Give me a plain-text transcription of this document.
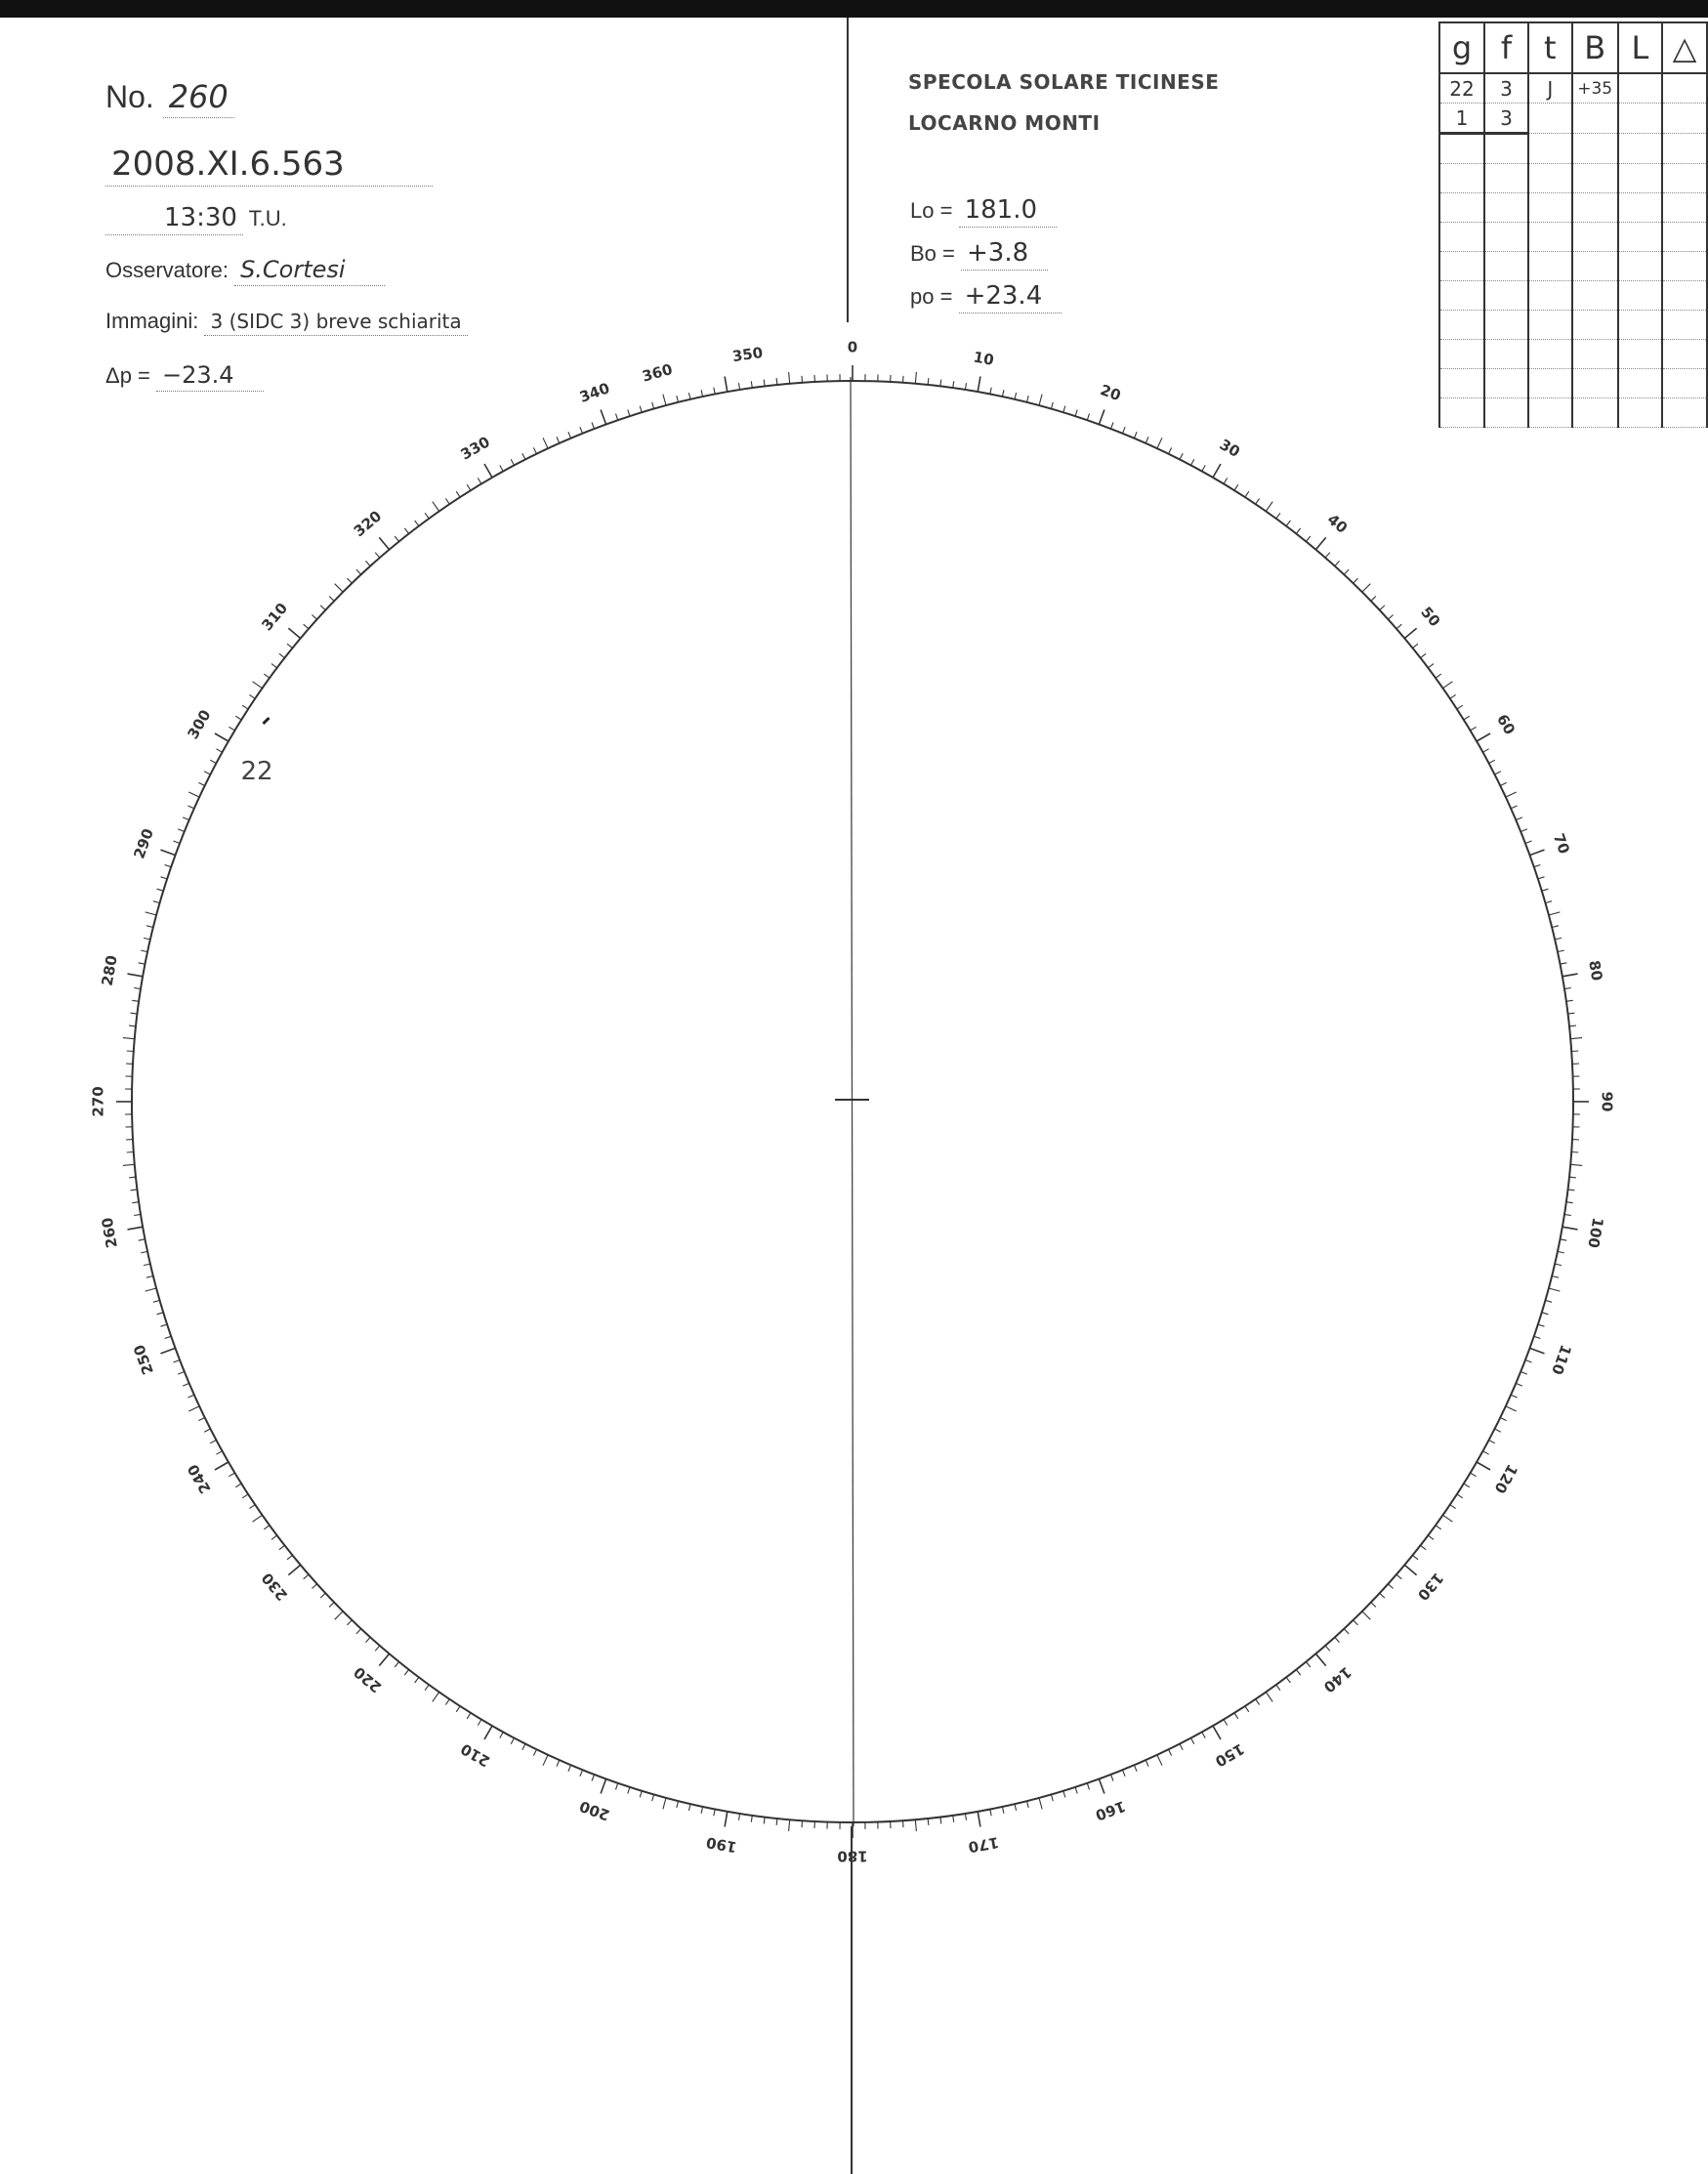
No. 260
2008.XI.6.563
13:30 T.U.
Osservatore: S.Cortesi
Immagini: 3 (SIDC 3) breve schiarita
Δp = −23.4
SPECOLA SOLARE TICINESE
LOCARNO MONTI
Lo = 181.0
Bo = +3.8
po = +23.4
0
10
20
30
40
50
60
70
80
90
100
110
120
130
140
150
160
170
180
190
200
210
220
230
240
250
260
270
280
290
300
310
320
330
340
350
360
22
g	f	t	B	L	△
22	3	J	+35		
1	3				
